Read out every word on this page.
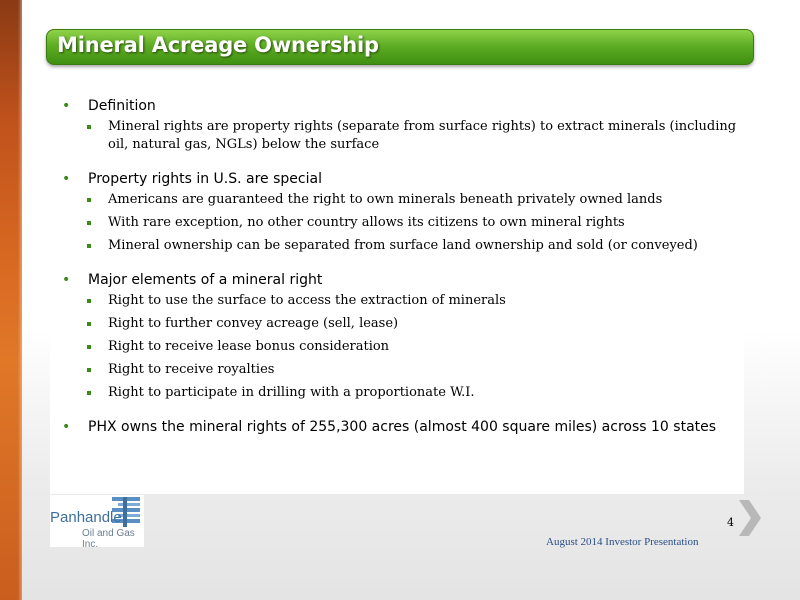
Mineral Acreage Ownership
• Definition
Mineral rights are property rights (separate from surface rights) to extract minerals (including oil, natural gas, NGLs) below the surface
• Property rights in U.S. are special
Americans are guaranteed the right to own minerals beneath privately owned lands
With rare exception, no other country allows its citizens to own mineral rights
Mineral ownership can be separated from surface land ownership and sold (or conveyed)
• Major elements of a mineral right
Right to use the surface to access the extraction of minerals
Right to further convey acreage (sell, lease)
Right to receive lease bonus consideration
Right to receive royalties
Right to participate in drilling with a proportionate W.I.
• PHX owns the mineral rights of 255,300 acres (almost 400 square miles) across 10 states
Panhandle
Oil and Gas Inc.
4
August 2014 Investor Presentation
